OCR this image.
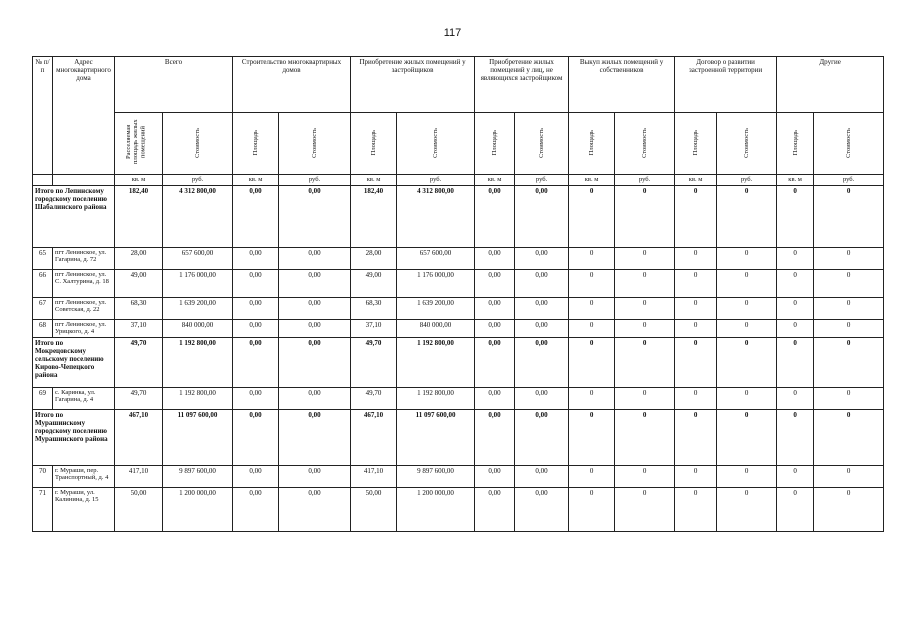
117
№ п/п	Адрес многоквартирного дома	Всего		Строительство многоквартирных домов		Приобретение жилых помещений у застройщиков		Приобретение жилых помещений у лиц, не являющихся застройщиком		Выкуп жилых помещений у собственников		Договор о развитии застроенной территории		Другие	
		Расселяемая площадь жилых помещений	Стоимость	Площадь	Стоимость	Площадь	Стоимость	Площадь	Стоимость	Площадь	Стоимость	Площадь	Стоимость	Площадь	Стоимость
		кв. м	руб.	кв. м	руб.	кв. м	руб.	кв. м	руб.	кв. м	руб.	кв. м	руб.	кв. м	руб.
Итого по Лепинскому городскому поселению Шабалинского района		182,40	4 312 800,00	0,00	0,00	182,40	4 312 800,00	0,00	0,00	0	0	0	0	0	0
65	пгт Ленинское, ул. Гагарина, д. 72	28,00	657 600,00	0,00	0,00	28,00	657 600,00	0,00	0,00	0	0	0	0	0	0
66	пгт Ленинское, ул. С. Халтурина, д. 18	49,00	1 176 000,00	0,00	0,00	49,00	1 176 000,00	0,00	0,00	0	0	0	0	0	0
67	пгт Ленинское, ул. Советская, д. 22	68,30	1 639 200,00	0,00	0,00	68,30	1 639 200,00	0,00	0,00	0	0	0	0	0	0
68	пгт Ленинское, ул. Урицкого, д. 4	37,10	840 000,00	0,00	0,00	37,10	840 000,00	0,00	0,00	0	0	0	0	0	0
Итого по Мокрецовскому сельскому поселению Кирово-Чепецкого района		49,70	1 192 800,00	0,00	0,00	49,70	1 192 800,00	0,00	0,00	0	0	0	0	0	0
69	с. Каринка, ул. Гагарина, д. 4	49,70	1 192 800,00	0,00	0,00	49,70	1 192 800,00	0,00	0,00	0	0	0	0	0	0
Итого по Мурашинскому городскому поселению Мурашинского района		467,10	11 097 600,00	0,00	0,00	467,10	11 097 600,00	0,00	0,00	0	0	0	0	0	0
70	г. Мураши, пер. Транспортный, д. 4	417,10	9 897 600,00	0,00	0,00	417,10	9 897 600,00	0,00	0,00	0	0	0	0	0	0
71	г. Мураши, ул. Калинина, д. 15	50,00	1 200 000,00	0,00	0,00	50,00	1 200 000,00	0,00	0,00	0	0	0	0	0	0
